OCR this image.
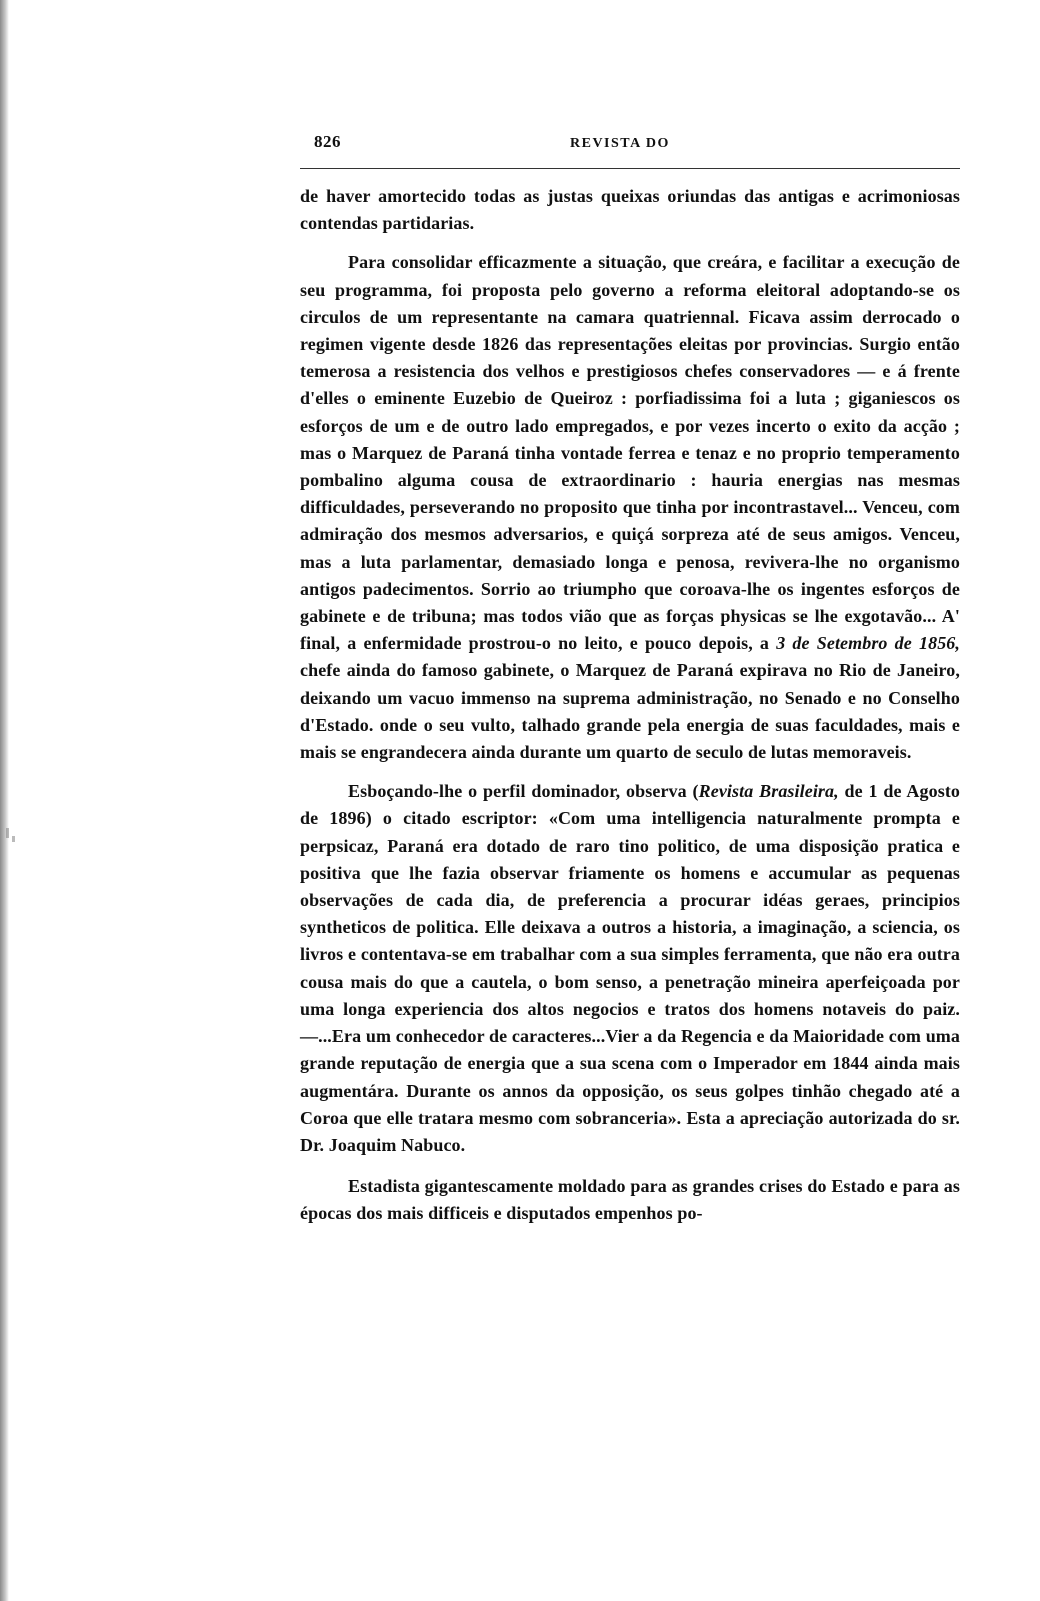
826	REVISTA DO

de haver amortecido todas as justas queixas oriundas das antigas e acrimoniosas contendas partidarias.

Para consolidar efficazmente a situação, que creára, e facilitar a execução de seu programma, foi proposta pelo governo a reforma eleitoral adoptando-se os circulos de um representante na camara quatriennal. Ficava assim derrocado o regimen vigente desde 1826 das representações eleitas por provincias. Surgio então temerosa a resistencia dos velhos e prestigiosos chefes conservadores — e á frente d'elles o eminente Euzebio de Queiroz : porfiadissima foi a luta ; giganiescos os esforços de um e de outro lado empregados, e por vezes incerto o exito da acção ; mas o Marquez de Paraná tinha vontade ferrea e tenaz e no proprio temperamento pombalino alguma cousa de extraordinario : hauria energias nas mesmas difficuldades, perseverando no proposito que tinha por incontrastavel... Venceu, com admiração dos mesmos adversarios, e quiçá sorpreza até de seus amigos. Venceu, mas a luta parlamentar, demasiado longa e penosa, revivera-lhe no organismo antigos padecimentos. Sorrio ao triumpho que coroava-lhe os ingentes esforços de gabinete e de tribuna; mas todos vião que as forças physicas se lhe exgotavão... A' final, a enfermidade prostrou-o no leito, e pouco depois, a 3 de Setembro de 1856, chefe ainda do famoso gabinete, o Marquez de Paraná expirava no Rio de Janeiro, deixando um vacuo immenso na suprema administração, no Senado e no Conselho d'Estado. onde o seu vulto, talhado grande pela energia de suas faculdades, mais e mais se engrandecera ainda durante um quarto de seculo de lutas memoraveis.

Esboçando-lhe o perfil dominador, observa (Revista Brasileira, de 1 de Agosto de 1896) o citado escriptor: «Com uma intelligencia naturalmente prompta e perpsicaz, Paraná era dotado de raro tino politico, de uma disposição pratica e positiva que lhe fazia observar friamente os homens e accumular as pequenas observações de cada dia, de preferencia a procurar idéas geraes, principios syntheticos de politica. Elle deixava a outros a historia, a imaginação, a sciencia, os livros e contentava-se em trabalhar com a sua simples ferramenta, que não era outra cousa mais do que a cautela, o bom senso, a penetração mineira aperfeiçoada por uma longa experiencia dos altos negocios e tratos dos homens notaveis do paiz.—...Era um conhecedor de caracteres...Vier a da Regencia e da Maioridade com uma grande reputação de energia que a sua scena com o Imperador em 1844 ainda mais augmentára. Durante os annos da opposição, os seus golpes tinhão chegado até a Coroa que elle tratara mesmo com sobranceria». Esta a apreciação autorizada do sr. Dr. Joaquim Nabuco.

Estadista gigantescamente moldado para as grandes crises do Estado e para as épocas dos mais difficeis e disputados empenhos po-
